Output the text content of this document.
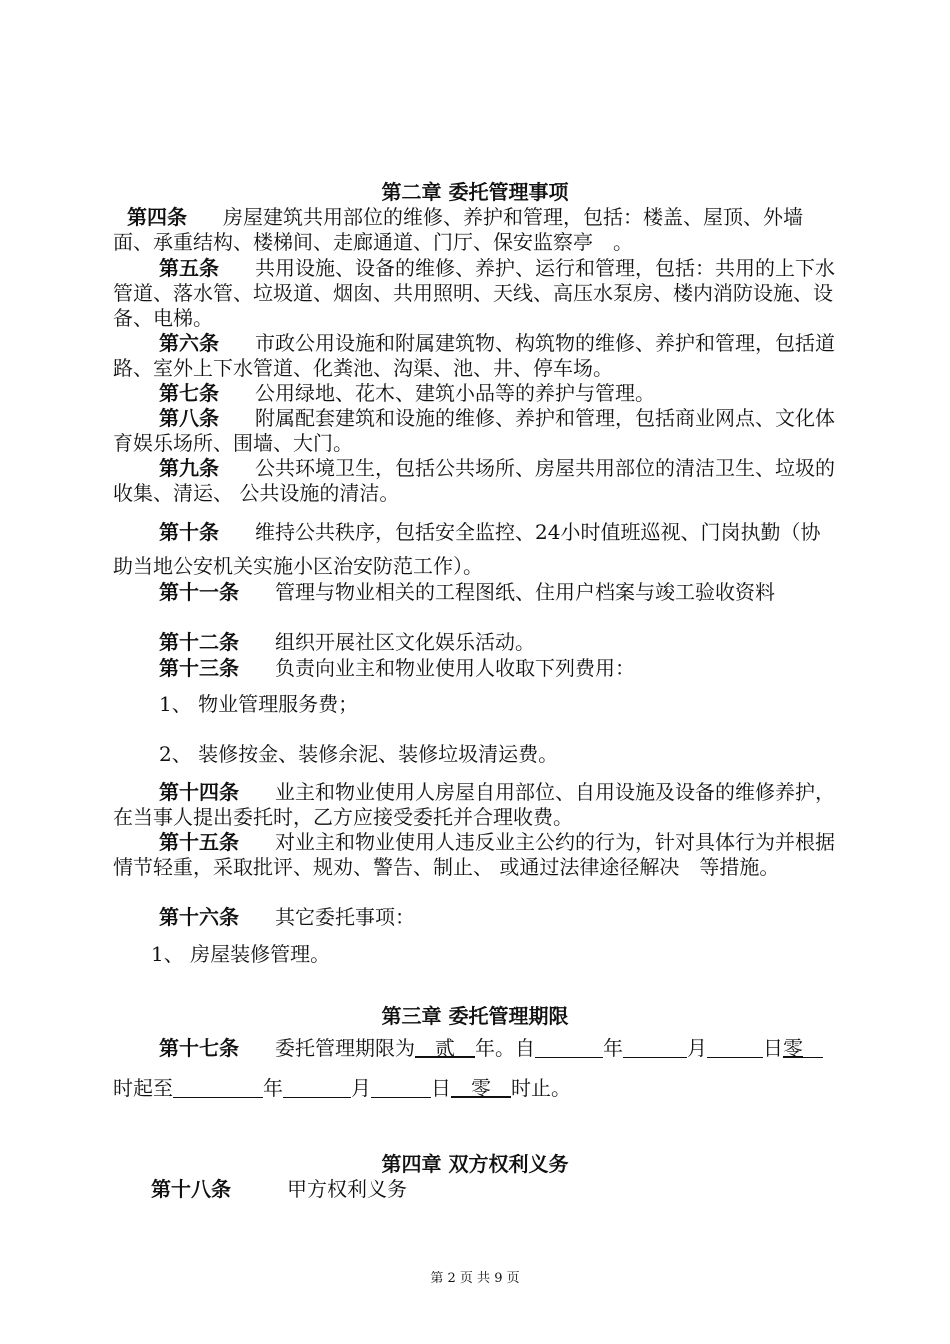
第二章 委托管理事项
第四条 房屋建筑共用部位的维修、养护和管理，包括：楼盖、屋顶、外墙面、承重结构、楼梯间、走廊通道、门厅、保安监察亭　。
第五条 共用设施、设备的维修、养护、运行和管理，包括：共用的上下水管道、落水管、垃圾道、烟囱、共用照明、天线、高压水泵房、楼内消防设施、设备、电梯。
第六条 市政公用设施和附属建筑物、构筑物的维修、养护和管理，包括道路、室外上下水管道、化粪池、沟渠、池、井、停车场。
第七条 公用绿地、花木、建筑小品等的养护与管理。
第八条 附属配套建筑和设施的维修、养护和管理，包括商业网点、文化体育娱乐场所、围墙、大门。
第九条 公共环境卫生，包括公共场所、房屋共用部位的清洁卫生、垃圾的收集、清运、 公共设施的清洁。
第十条 维持公共秩序，包括安全监控、24小时值班巡视、门岗执勤（协助当地公安机关实施小区治安防范工作）。
第十一条 管理与物业相关的工程图纸、住用户档案与竣工验收资料
第十二条 组织开展社区文化娱乐活动。
第十三条 负责向业主和物业使用人收取下列费用：
1、 物业管理服务费；
2、 装修按金、装修余泥、装修垃圾清运费。
第十四条 业主和物业使用人房屋自用部位、自用设施及设备的维修养护，在当事人提出委托时，乙方应接受委托并合理收费。
第十五条 对业主和物业使用人违反业主公约的行为，针对具体行为并根据情节轻重，采取批评、规劝、警告、制止、 或通过法律途径解决　等措施。
第十六条 其它委托事项：
1、 房屋装修管理。
第三章 委托管理期限
第十七条 委托管理期限为   贰   年。自	年	月	日零时起至	年	月	日   零   时止。
第四章 双方权利义务
第十八条	甲方权利义务
第 2 页 共 9 页
